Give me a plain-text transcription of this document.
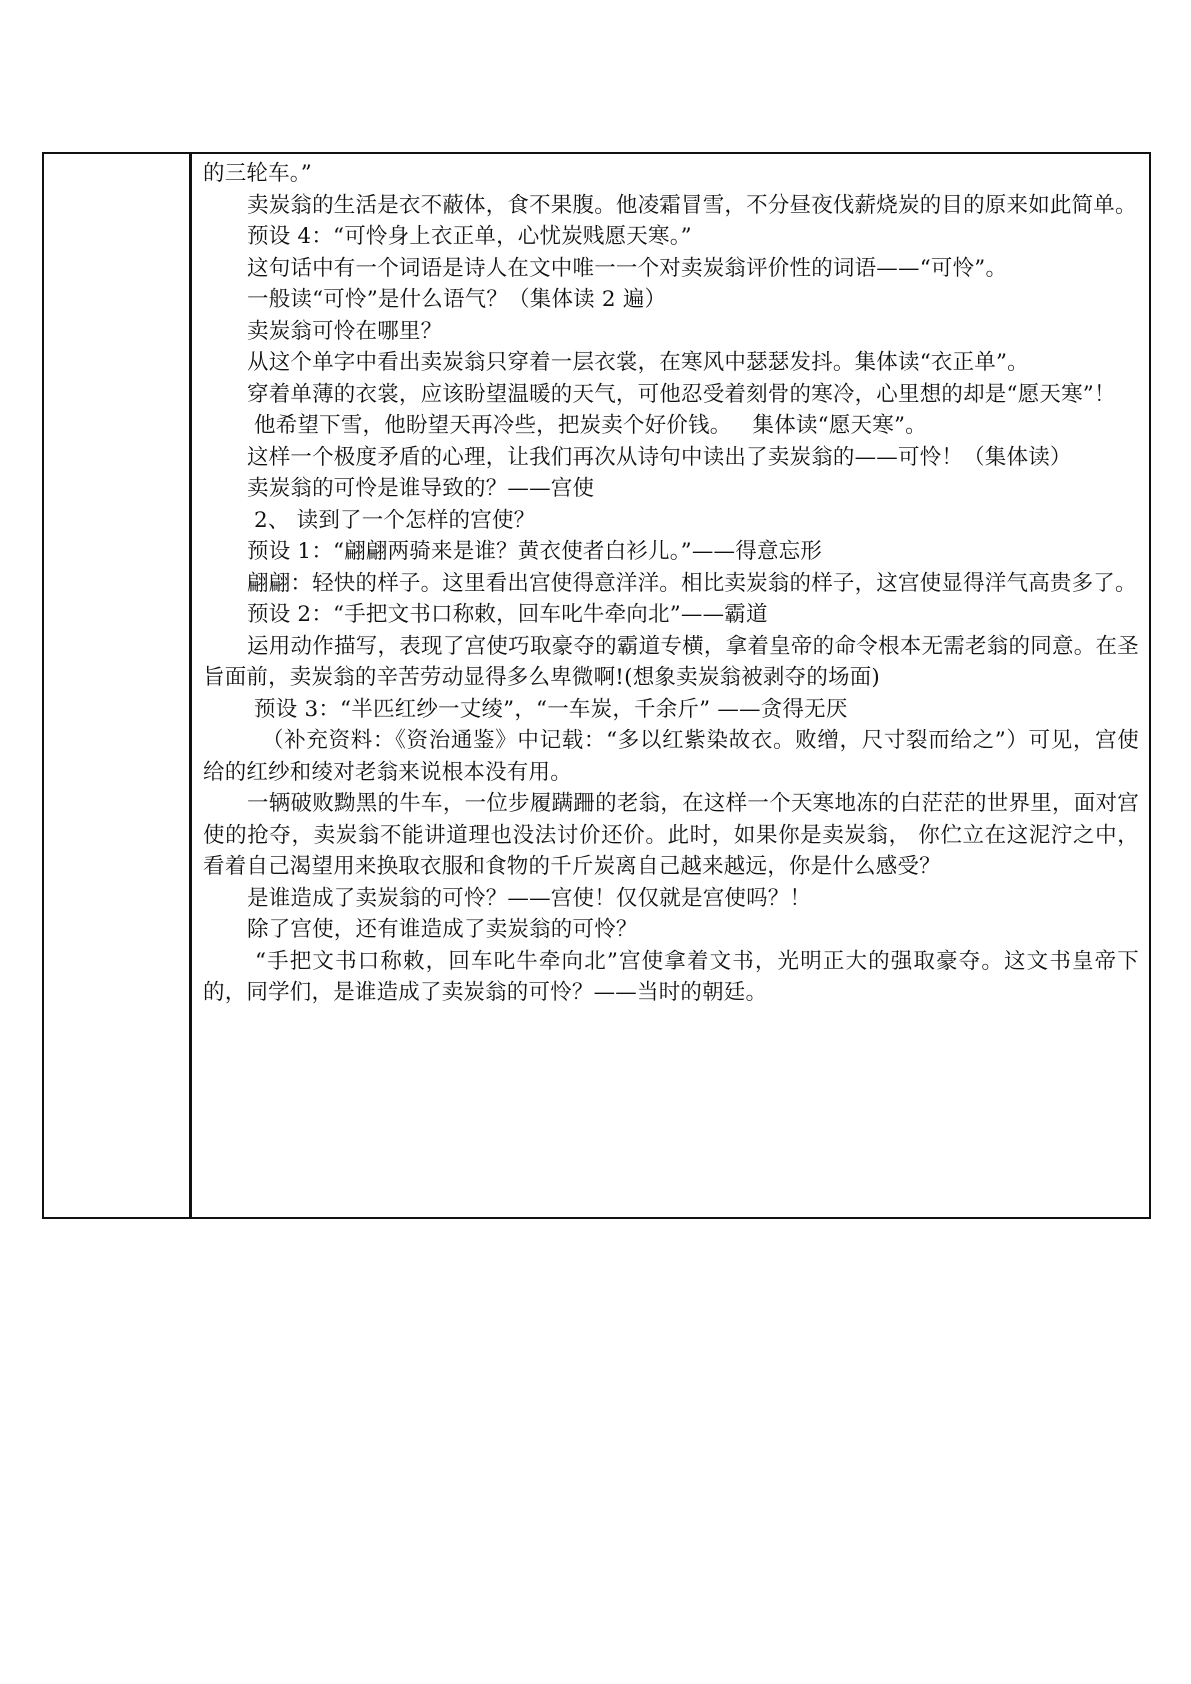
的三轮车。”

卖炭翁的生活是衣不蔽体，食不果腹。他凌霜冒雪，不分昼夜伐薪烧炭的目的原来如此简单。

预设 4：“可怜身上衣正单，心忧炭贱愿天寒。”

这句话中有一个词语是诗人在文中唯一一个对卖炭翁评价性的词语——“可怜”。

一般读“可怜”是什么语气？（集体读 2 遍）

卖炭翁可怜在哪里？

从这个单字中看出卖炭翁只穿着一层衣裳，在寒风中瑟瑟发抖。集体读“衣正单”。

穿着单薄的衣裳，应该盼望温暖的天气，可他忍受着刻骨的寒冷，心里想的却是“愿天寒”！

他希望下雪，他盼望天再冷些，把炭卖个好价钱。   集体读“愿天寒”。

这样一个极度矛盾的心理，让我们再次从诗句中读出了卖炭翁的——可怜！（集体读）

卖炭翁的可怜是谁导致的？——宫使

2、 读到了一个怎样的宫使？

预设 1：“翩翩两骑来是谁？黄衣使者白衫儿。”——得意忘形

翩翩：轻快的样子。这里看出宫使得意洋洋。相比卖炭翁的样子，这宫使显得洋气高贵多了。

预设 2：“手把文书口称敕，回车叱牛牵向北”——霸道

运用动作描写，表现了宫使巧取豪夺的霸道专横，拿着皇帝的命令根本无需老翁的同意。在圣旨面前，卖炭翁的辛苦劳动显得多么卑微啊!(想象卖炭翁被剥夺的场面)

预设 3：“半匹红纱一丈绫”，“一车炭，千余斤” ——贪得无厌

（补充资料：《资治通鉴》中记载：“多以红紫染故衣。败缯，尺寸裂而给之”）可见，宫使给的红纱和绫对老翁来说根本没有用。

一辆破败黝黑的牛车，一位步履蹒跚的老翁，在这样一个天寒地冻的白茫茫的世界里，面对宫使的抢夺，卖炭翁不能讲道理也没法讨价还价。此时，如果你是卖炭翁， 你伫立在这泥泞之中，看着自己渴望用来换取衣服和食物的千斤炭离自己越来越远，你是什么感受？

是谁造成了卖炭翁的可怜？——宫使！仅仅就是宫使吗？！

除了宫使，还有谁造成了卖炭翁的可怜？

“手把文书口称敕，回车叱牛牵向北”宫使拿着文书，光明正大的强取豪夺。这文书皇帝下的，同学们，是谁造成了卖炭翁的可怜？——当时的朝廷。
